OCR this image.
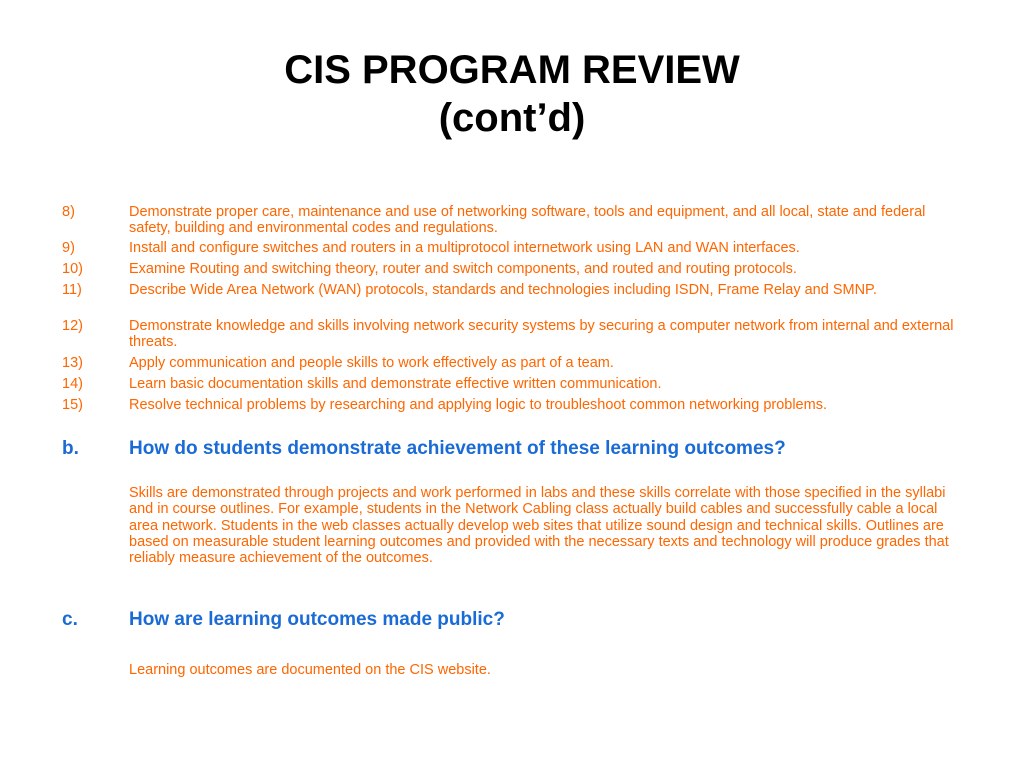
CIS PROGRAM REVIEW
(cont’d)
8)	Demonstrate proper care, maintenance and use of networking software, tools and equipment, and all local, state and federal safety, building and environmental codes and regulations.
9)	Install and configure switches and routers in a multiprotocol internetwork using LAN and WAN interfaces.
10)	Examine Routing and switching theory, router and switch components, and routed and routing protocols.
11)	Describe Wide Area Network (WAN) protocols, standards and technologies including ISDN, Frame Relay and SMNP.
12)	Demonstrate knowledge and skills involving network security systems by securing a computer network from internal and external threats.
13)	Apply communication and people skills to work effectively as part of a team.
14)	Learn basic documentation skills and demonstrate effective written communication.
15)	Resolve technical problems by researching and applying logic to troubleshoot common networking problems.
b.	How do students demonstrate achievement of these learning outcomes?
Skills are demonstrated through projects and work performed in labs and these skills correlate with those specified in the syllabi and in course outlines. For example, students in the Network Cabling class actually build cables and successfully cable a local area network. Students in the web classes actually develop web sites that utilize sound design and technical skills. Outlines are based on measurable student learning outcomes and provided with the necessary texts and technology will produce grades that reliably measure achievement of the outcomes.
c.	How are learning outcomes made public?
Learning outcomes are documented on the CIS website.
